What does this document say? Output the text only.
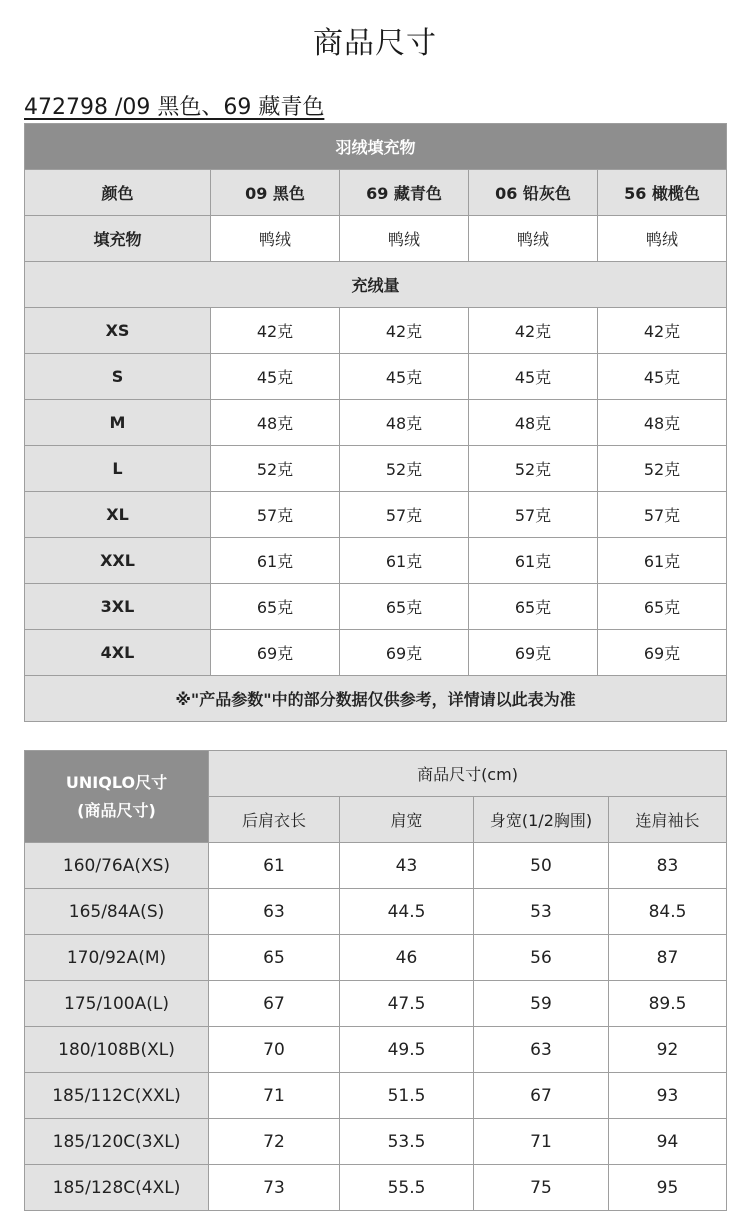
商品尺寸
472798 /09 黑色、69 藏青色
羽绒填充物				
颜色	09 黑色	69 藏青色	06 铅灰色	56 橄榄色
填充物	鸭绒	鸭绒	鸭绒	鸭绒
充绒量				
XS	42克	42克	42克	42克
S	45克	45克	45克	45克
M	48克	48克	48克	48克
L	52克	52克	52克	52克
XL	57克	57克	57克	57克
XXL	61克	61克	61克	61克
3XL	65克	65克	65克	65克
4XL	69克	69克	69克	69克
※"产品参数"中的部分数据仅供参考，详情请以此表为准				
UNIQLO尺寸
(商品尺寸)	商品尺寸(cm)			
	后肩衣长	肩宽	身宽(1/2胸围)	连肩袖长
160/76A(XS)	61	43	50	83
165/84A(S)	63	44.5	53	84.5
170/92A(M)	65	46	56	87
175/100A(L)	67	47.5	59	89.5
180/108B(XL)	70	49.5	63	92
185/112C(XXL)	71	51.5	67	93
185/120C(3XL)	72	53.5	71	94
185/128C(4XL)	73	55.5	75	95
